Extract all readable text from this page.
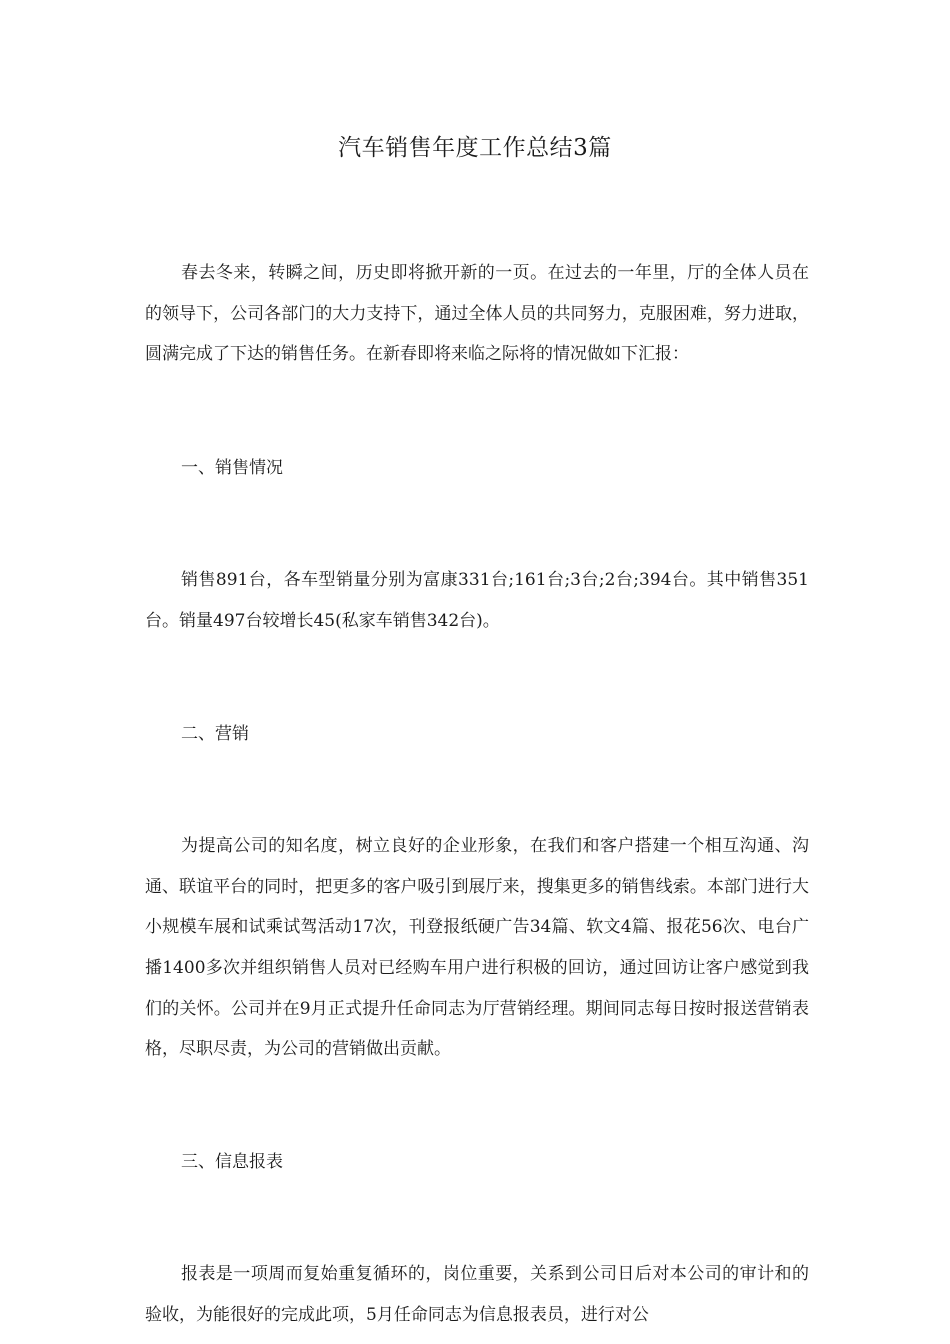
汽车销售年度工作总结3篇

春去冬来，转瞬之间，历史即将掀开新的一页。在过去的一年里，厅的全体人员在的领导下，公司各部门的大力支持下，通过全体人员的共同努力，克服困难，努力进取，圆满完成了下达的销售任务。在新春即将来临之际将的情况做如下汇报：

一、销售情况

销售891台，各车型销量分别为富康331台;161台;3台;2台;394台。其中销售351台。销量497台较增长45(私家车销售342台)。

二、营销

为提高公司的知名度，树立良好的企业形象，在我们和客户搭建一个相互沟通、沟通、联谊平台的同时，把更多的客户吸引到展厅来，搜集更多的销售线索。本部门进行大小规模车展和试乘试驾活动17次，刊登报纸硬广告34篇、软文4篇、报花56次、电台广播1400多次并组织销售人员对已经购车用户进行积极的回访，通过回访让客户感觉到我们的关怀。公司并在9月正式提升任命同志为厅营销经理。期间同志每日按时报送营销表格，尽职尽责，为公司的营销做出贡献。

三、信息报表

报表是一项周而复始重复循环的，岗位重要，关系到公司日后对本公司的审计和的验收，为能很好的完成此项，5月任命同志为信息报表员，进行对公
